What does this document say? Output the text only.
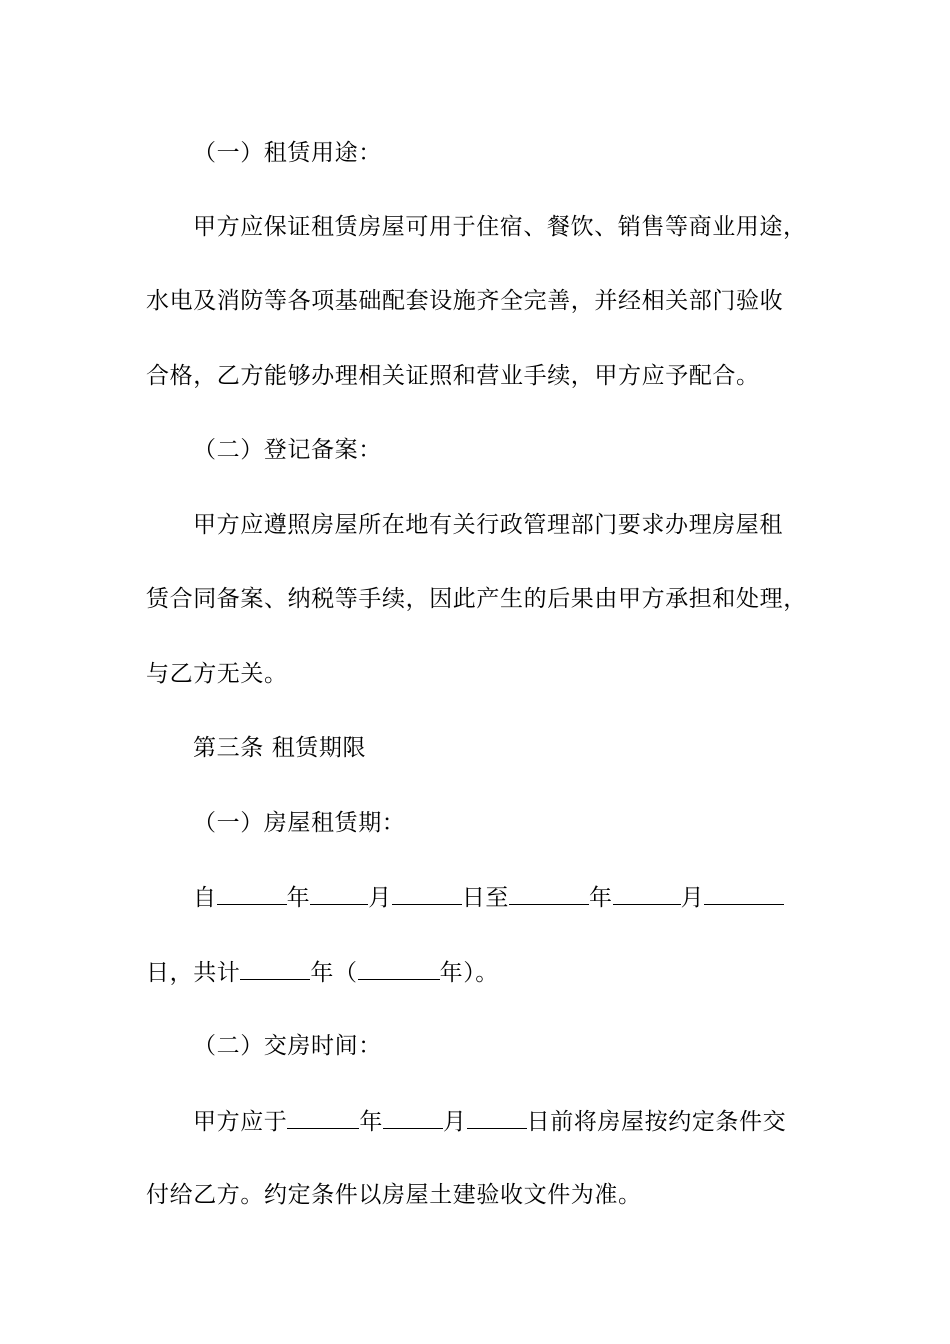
（一）租赁用途：
甲方应保证租赁房屋可用于住宿、餐饮、销售等商业用途，
水电及消防等各项基础配套设施齐全完善，并经相关部门验收
合格，乙方能够办理相关证照和营业手续，甲方应予配合。
（二）登记备案：
甲方应遵照房屋所在地有关行政管理部门要求办理房屋租
赁合同备案、纳税等手续，因此产生的后果由甲方承担和处理，
与乙方无关。
第三条 租赁期限
（一）房屋租赁期：
自	年	月	日至	年	月
日，共计	年（	年）。
（二）交房时间：
甲方应于	年	月	日前将房屋按约定条件交
付给乙方。约定条件以房屋土建验收文件为准。
